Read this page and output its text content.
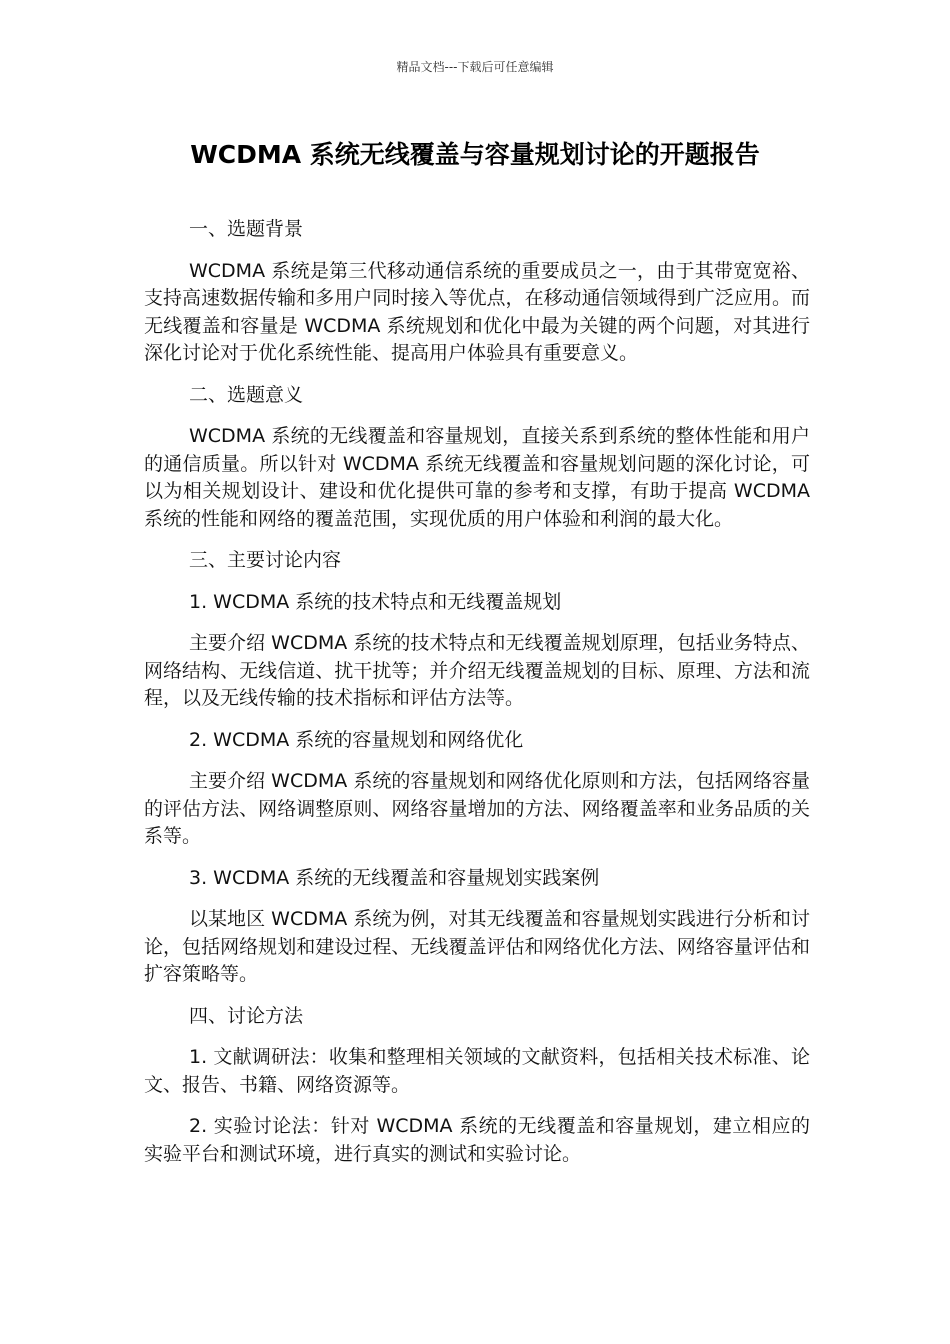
精品文档---下载后可任意编辑
WCDMA 系统无线覆盖与容量规划讨论的开题报告

一、选题背景

WCDMA 系统是第三代移动通信系统的重要成员之一，由于其带宽宽裕、支持高速数据传输和多用户同时接入等优点，在移动通信领域得到广泛应用。而无线覆盖和容量是 WCDMA 系统规划和优化中最为关键的两个问题，对其进行深化讨论对于优化系统性能、提高用户体验具有重要意义。

二、选题意义

WCDMA 系统的无线覆盖和容量规划，直接关系到系统的整体性能和用户的通信质量。所以针对 WCDMA 系统无线覆盖和容量规划问题的深化讨论，可以为相关规划设计、建设和优化提供可靠的参考和支撑，有助于提高 WCDMA 系统的性能和网络的覆盖范围，实现优质的用户体验和利润的最大化。

三、主要讨论内容

1. WCDMA 系统的技术特点和无线覆盖规划

主要介绍 WCDMA 系统的技术特点和无线覆盖规划原理，包括业务特点、网络结构、无线信道、扰干扰等；并介绍无线覆盖规划的目标、原理、方法和流程，以及无线传输的技术指标和评估方法等。

2. WCDMA 系统的容量规划和网络优化

主要介绍 WCDMA 系统的容量规划和网络优化原则和方法，包括网络容量的评估方法、网络调整原则、网络容量增加的方法、网络覆盖率和业务品质的关系等。

3. WCDMA 系统的无线覆盖和容量规划实践案例

以某地区 WCDMA 系统为例，对其无线覆盖和容量规划实践进行分析和讨论，包括网络规划和建设过程、无线覆盖评估和网络优化方法、网络容量评估和扩容策略等。

四、讨论方法

1. 文献调研法：收集和整理相关领域的文献资料，包括相关技术标准、论文、报告、书籍、网络资源等。

2. 实验讨论法：针对 WCDMA 系统的无线覆盖和容量规划，建立相应的实验平台和测试环境，进行真实的测试和实验讨论。
